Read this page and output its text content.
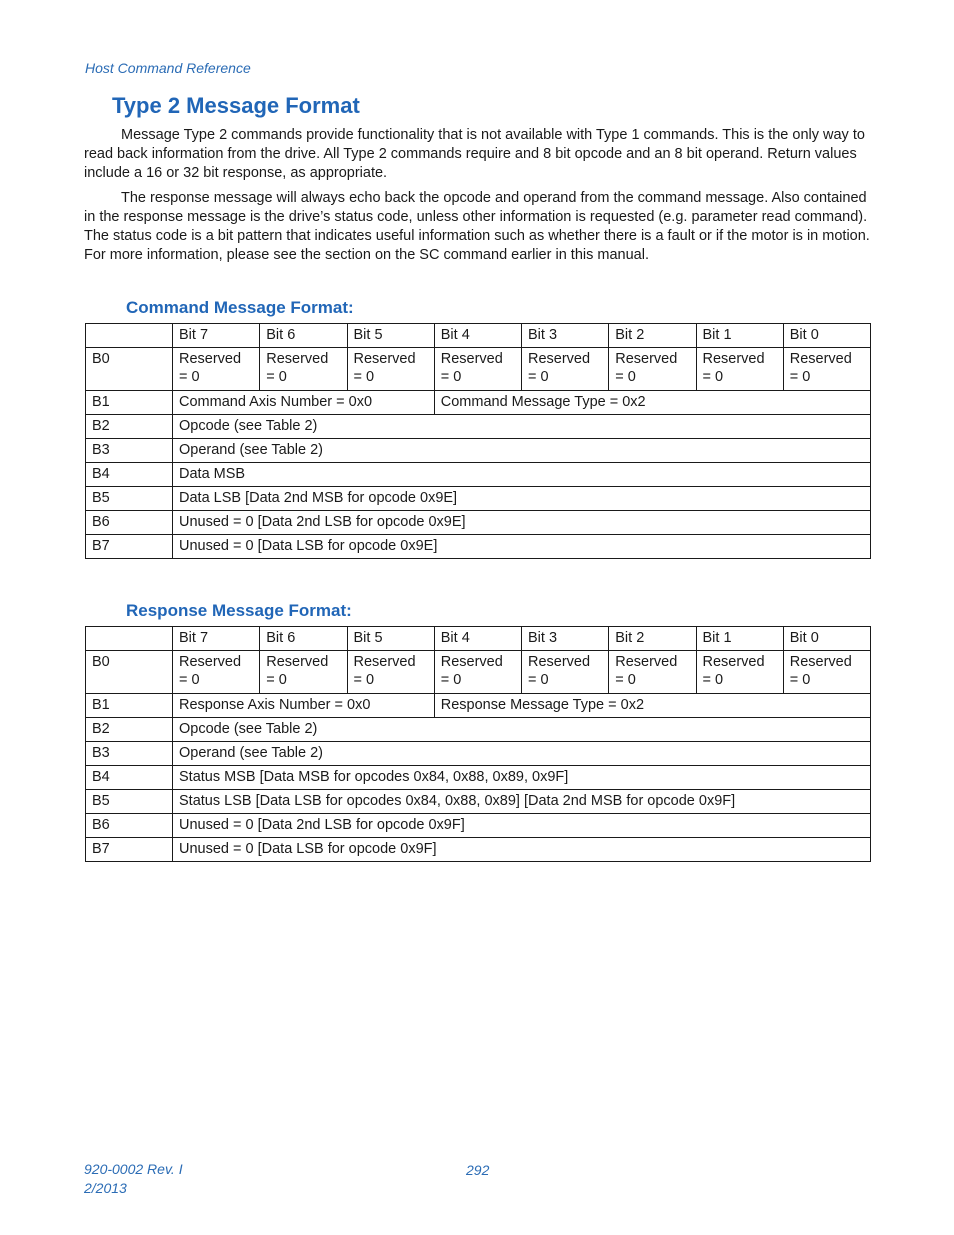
Host Command Reference
Type 2 Message Format
Message Type 2 commands provide functionality that is not available with Type 1 commands. This is the only way to read back information from the drive. All Type 2 commands require and 8 bit opcode and an 8 bit operand. Return values include a 16 or 32 bit response, as appropriate.
The response message will always echo back the opcode and operand from the command message. Also contained in the response message is the drive’s status code, unless other information is requested (e.g. parameter read command). The status code is a bit pattern that indicates useful information such as whether there is a fault or if the motor is in motion. For more information, please see the section on the SC command earlier in this manual.
Command Message Format:
	Bit 7	Bit 6	Bit 5	Bit 4	Bit 3	Bit 2	Bit 1	Bit 0
B0	Reserved = 0	Reserved = 0	Reserved = 0	Reserved = 0	Reserved = 0	Reserved = 0	Reserved = 0	Reserved = 0
B1	Command Axis Number = 0x0			Command Message Type = 0x2				
B2	Opcode (see Table 2)							
B3	Operand (see Table 2)							
B4	Data MSB							
B5	Data LSB [Data 2nd MSB for opcode 0x9E]							
B6	Unused = 0 [Data 2nd LSB for opcode 0x9E]							
B7	Unused = 0 [Data LSB for opcode 0x9E]							
Response Message Format:
	Bit 7	Bit 6	Bit 5	Bit 4	Bit 3	Bit 2	Bit 1	Bit 0
B0	Reserved = 0	Reserved = 0	Reserved = 0	Reserved = 0	Reserved = 0	Reserved = 0	Reserved = 0	Reserved = 0
B1	Response Axis Number = 0x0			Response Message Type = 0x2				
B2	Opcode (see Table 2)							
B3	Operand (see Table 2)							
B4	Status MSB [Data MSB for opcodes 0x84, 0x88, 0x89, 0x9F]							
B5	Status LSB [Data LSB for opcodes 0x84, 0x88, 0x89] [Data 2nd MSB for opcode 0x9F]							
B6	Unused = 0 [Data 2nd LSB for opcode 0x9F]							
B7	Unused = 0 [Data LSB for opcode 0x9F]							
920-0002 Rev. I
2/2013
292
